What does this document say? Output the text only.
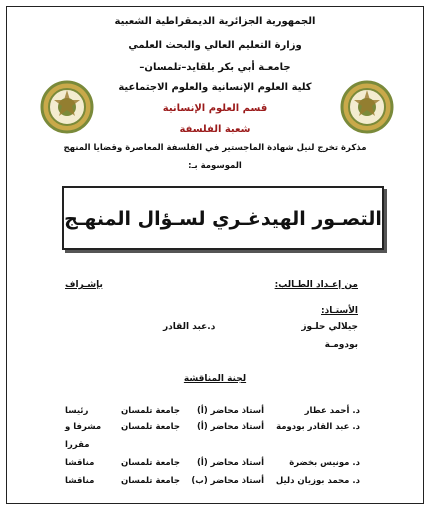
الجمهورية الجزائرية الديمقراطية الشعبية
وزارة التعليم العالي والبحث العلمي
جامعـة أبي بكر بلقايد–تلمسان–
كلية العلوم الإنسانية والعلوم الاجتماعية
قسم العلوم الإنسانية
شعبة الفلسفة
مذكرة تخرج لنيل شهادة الماجستير في الفلسفة المعاصرة وقضايا المنهج
الموسومة بـ:
التصـور الهيدغـري لسـؤال المنهـج
من إعـداد الطـالب:
بإشـراف
الأستـاذ:
جيلالي حلـوز
د.عبد القادر
بودومـة
لجنة المناقشة
د. أحمد عطار
أستاذ محاضر (أ)
جامعة تلمسان
رئيسا
د. عبد القادر بودومة
أستاذ محاضر (أ)
جامعة تلمسان
مشرفا و
مقررا
د. مونيس بخضرة
أستاذ محاضر (أ)
جامعة تلمسان
مناقشا
د. محمد بوزيان دليل
أستاذ محاضر (ب)
جامعة تلمسان
مناقشا
